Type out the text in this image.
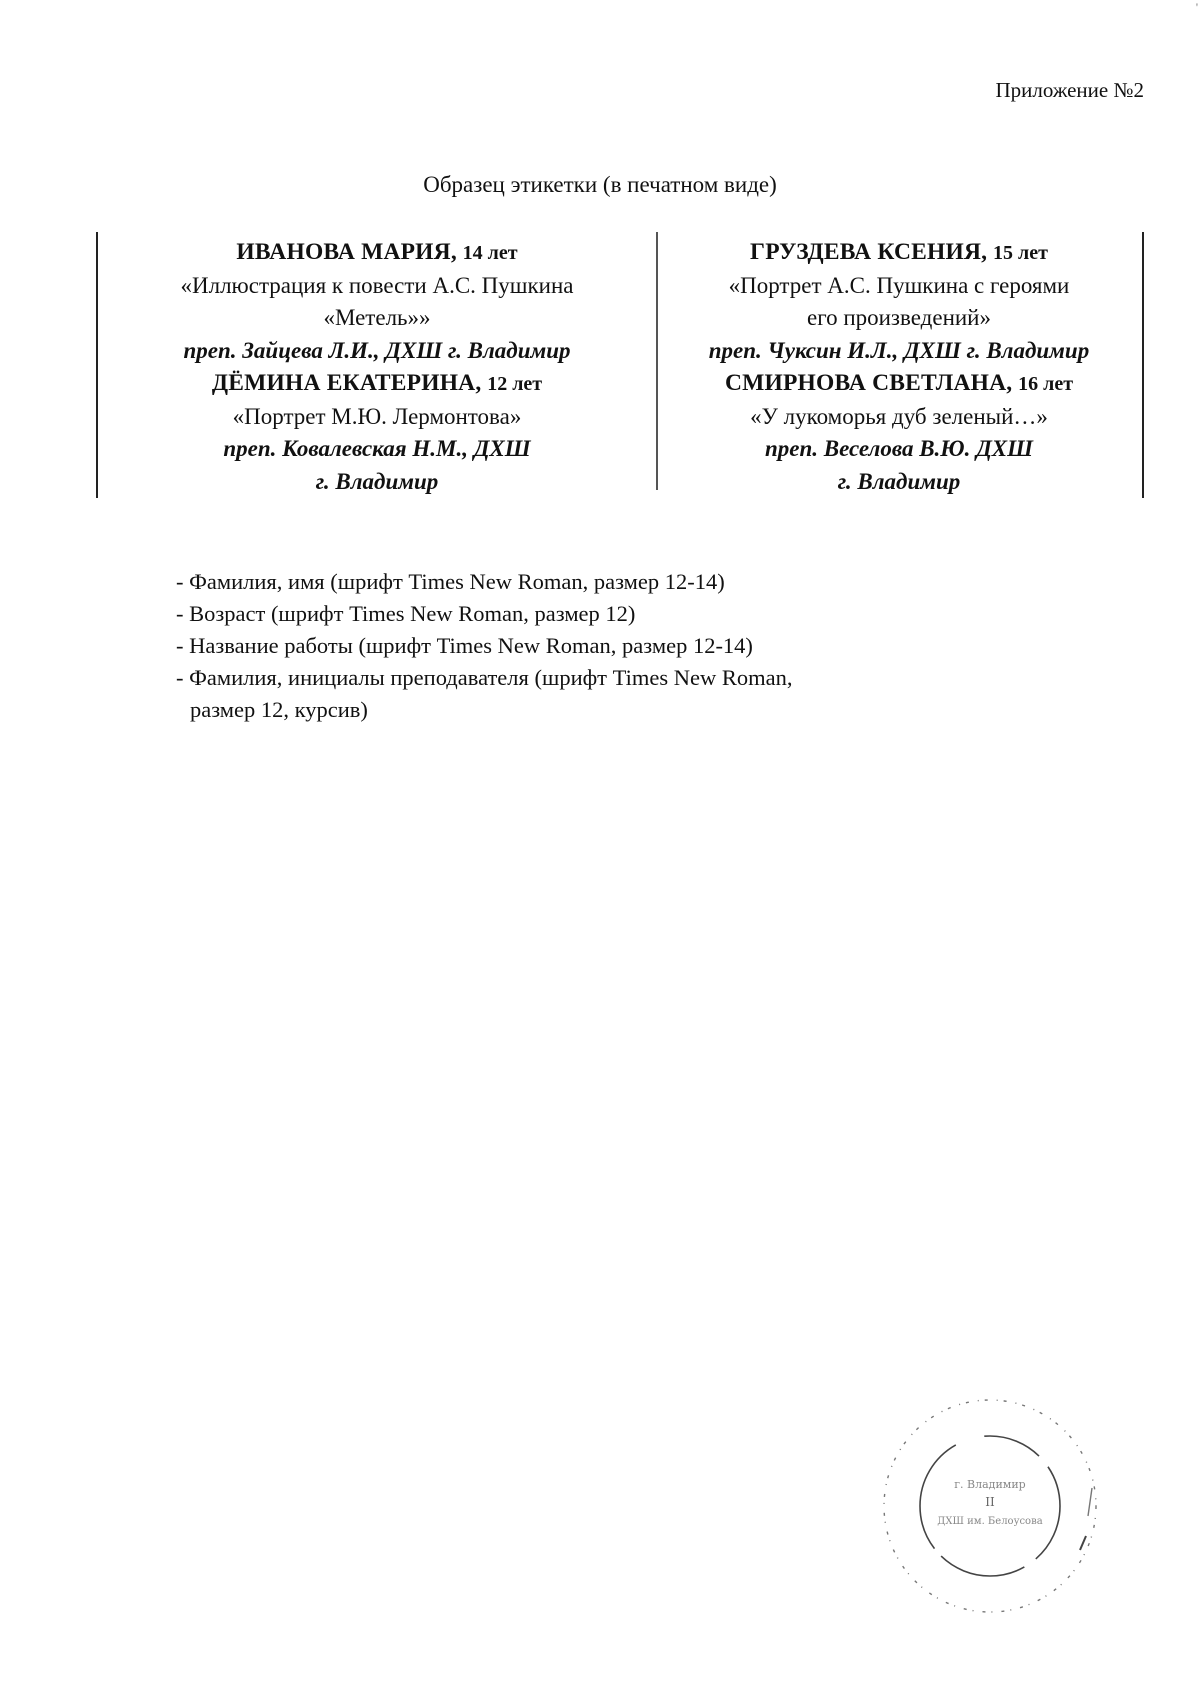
Приложение №2
Образец этикетки (в печатном виде)
ИВАНОВА МАРИЯ, 14 лет
«Иллюстрация к повести А.С. Пушкина
«Метель»»
преп. Зайцева Л.И., ДХШ г. Владимир
ДЁМИНА ЕКАТЕРИНА, 12 лет
«Портрет М.Ю. Лермонтова»
преп. Ковалевская Н.М., ДХШ
г. Владимир
ГРУЗДЕВА КСЕНИЯ, 15 лет
«Портрет А.С. Пушкина с героями
его произведений»
преп. Чуксин И.Л., ДХШ г. Владимир
СМИРНОВА СВЕТЛАНА, 16 лет
«У лукоморья дуб зеленый…»
преп. Веселова В.Ю. ДХШ
г. Владимир
- Фамилия, имя (шрифт Times New Roman, размер 12-14)
- Возраст (шрифт Times New Roman, размер 12)
- Название работы (шрифт Times New Roman, размер 12-14)
- Фамилия, инициалы преподавателя (шрифт Times New Roman,
размер 12, курсив)
г. Владимир
II
ДХШ им. Белоусова
'
